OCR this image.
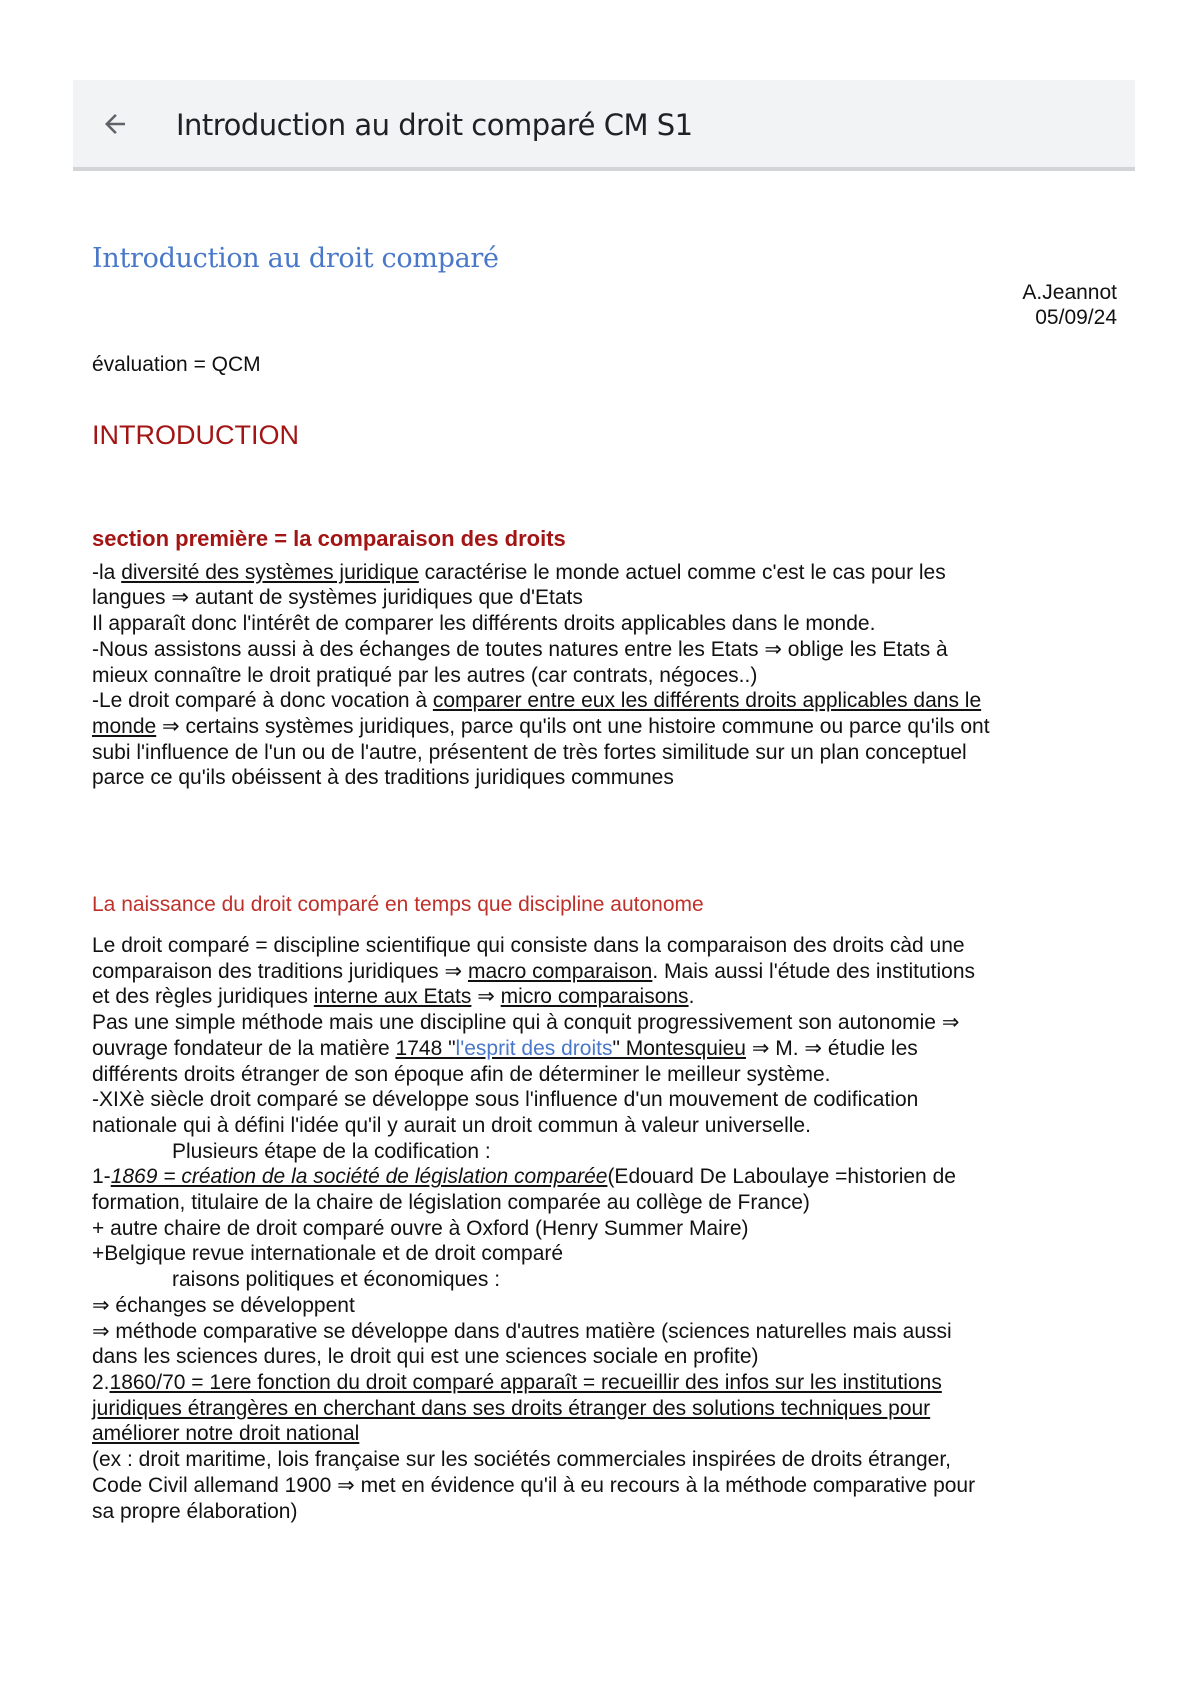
Introduction au droit comparé CM S1
Introduction au droit comparé
A.Jeannot
05/09/24
évaluation = QCM
INTRODUCTION
section première = la comparaison des droits
-la diversité des systèmes juridique caractérise le monde actuel comme c'est le cas pour les
langues ⇒ autant de systèmes juridiques que d'Etats
Il apparaît donc l'intérêt de comparer les différents droits applicables dans le monde.
-Nous assistons aussi à des échanges de toutes natures entre les Etats ⇒ oblige les Etats à
mieux connaître le droit pratiqué par les autres (car contrats, négoces..)
-Le droit comparé à donc vocation à comparer entre eux les différents droits applicables dans le
monde ⇒ certains systèmes juridiques, parce qu'ils ont une histoire commune ou parce qu'ils ont
subi l'influence de l'un ou de l'autre, présentent de très fortes similitude sur un plan conceptuel
parce ce qu'ils obéissent à des traditions juridiques communes
La naissance du droit comparé en temps que discipline autonome
Le droit comparé = discipline scientifique qui consiste dans la comparaison des droits càd une
comparaison des traditions juridiques ⇒ macro comparaison. Mais aussi l'étude des institutions
et des règles juridiques interne aux Etats ⇒ micro comparaisons.
Pas une simple méthode mais une discipline qui à conquit progressivement son autonomie ⇒
ouvrage fondateur de la matière 1748 "l'esprit des droits" Montesquieu ⇒ M. ⇒ étudie les
différents droits étranger de son époque afin de déterminer le meilleur système.
-XIXè siècle droit comparé se développe sous l'influence d'un mouvement de codification
nationale qui à défini l'idée qu'il y aurait un droit commun à valeur universelle.
Plusieurs étape de la codification :
1-1869 = création de la société de législation comparée(Edouard De Laboulaye =historien de
formation, titulaire de la chaire de législation comparée au collège de France)
+ autre chaire de droit comparé ouvre à Oxford (Henry Summer Maire)
+Belgique revue internationale et de droit comparé
raisons politiques et économiques :
⇒ échanges se développent
⇒ méthode comparative se développe dans d'autres matière (sciences naturelles mais aussi
dans les sciences dures, le droit qui est une sciences sociale en profite)
2.1860/70 = 1ere fonction du droit comparé apparaît = recueillir des infos sur les institutions
juridiques étrangères en cherchant dans ses droits étranger des solutions techniques pour
améliorer notre droit national
(ex : droit maritime, lois française sur les sociétés commerciales inspirées de droits étranger,
Code Civil allemand 1900 ⇒ met en évidence qu'il à eu recours à la méthode comparative pour
sa propre élaboration)
